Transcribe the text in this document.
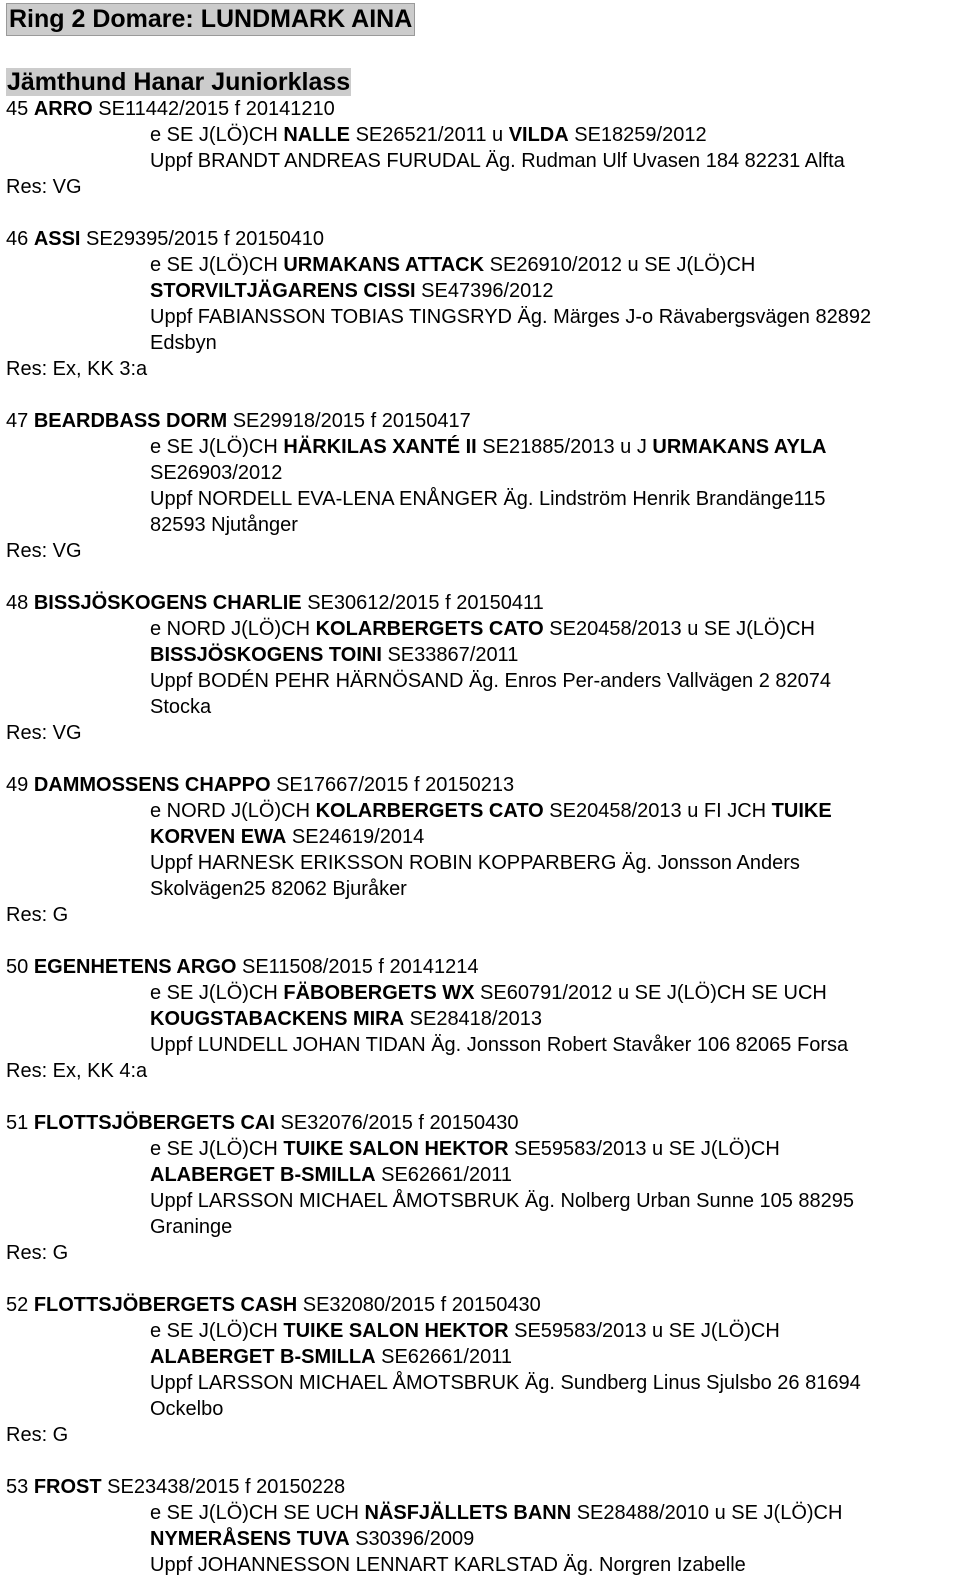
Ring 2 Domare: LUNDMARK AINA
Jämthund Hanar Juniorklass
45 ARRO SE11442/2015 f 20141210
e SE J(LÖ)CH NALLE SE26521/2011 u VILDA SE18259/2012
Uppf BRANDT ANDREAS FURUDAL Äg. Rudman Ulf Uvasen 184 82231 Alfta
Res: VG
46 ASSI SE29395/2015 f 20150410
e SE J(LÖ)CH URMAKANS ATTACK SE26910/2012 u SE J(LÖ)CH
STORVILTJÄGARENS CISSI SE47396/2012
Uppf FABIANSSON TOBIAS TINGSRYD Äg. Märges J-o Rävabergsvägen 82892
Edsbyn
Res: Ex, KK 3:a
47 BEARDBASS DORM SE29918/2015 f 20150417
e SE J(LÖ)CH HÄRKILAS XANTÉ II SE21885/2013 u J URMAKANS AYLA
SE26903/2012
Uppf NORDELL EVA-LENA ENÅNGER Äg. Lindström Henrik Brandänge115
82593 Njutånger
Res: VG
48 BISSJÖSKOGENS CHARLIE SE30612/2015 f 20150411
e NORD J(LÖ)CH KOLARBERGETS CATO SE20458/2013 u SE J(LÖ)CH
BISSJÖSKOGENS TOINI SE33867/2011
Uppf BODÉN PEHR HÄRNÖSAND Äg. Enros Per-anders Vallvägen 2 82074
Stocka
Res: VG
49 DAMMOSSENS CHAPPO SE17667/2015 f 20150213
e NORD J(LÖ)CH KOLARBERGETS CATO SE20458/2013 u FI JCH TUIKE
KORVEN EWA SE24619/2014
Uppf HARNESK ERIKSSON ROBIN KOPPARBERG Äg. Jonsson Anders
Skolvägen25 82062 Bjuråker
Res: G
50 EGENHETENS ARGO SE11508/2015 f 20141214
e SE J(LÖ)CH FÄBOBERGETS WX SE60791/2012 u SE J(LÖ)CH SE UCH
KOUGSTABACKENS MIRA SE28418/2013
Uppf LUNDELL JOHAN TIDAN Äg. Jonsson Robert Stavåker 106 82065 Forsa
Res: Ex, KK 4:a
51 FLOTTSJÖBERGETS CAI SE32076/2015 f 20150430
e SE J(LÖ)CH TUIKE SALON HEKTOR SE59583/2013 u SE J(LÖ)CH
ALABERGET B-SMILLA SE62661/2011
Uppf LARSSON MICHAEL ÅMOTSBRUK Äg. Nolberg Urban Sunne 105 88295
Graninge
Res: G
52 FLOTTSJÖBERGETS CASH SE32080/2015 f 20150430
e SE J(LÖ)CH TUIKE SALON HEKTOR SE59583/2013 u SE J(LÖ)CH
ALABERGET B-SMILLA SE62661/2011
Uppf LARSSON MICHAEL ÅMOTSBRUK Äg. Sundberg Linus Sjulsbo 26 81694
Ockelbo
Res: G
53 FROST SE23438/2015 f 20150228
e SE J(LÖ)CH SE UCH NÄSFJÄLLETS BANN SE28488/2010 u SE J(LÖ)CH
NYMERÅSENS TUVA S30396/2009
Uppf JOHANNESSON LENNART KARLSTAD Äg. Norgren Izabelle
